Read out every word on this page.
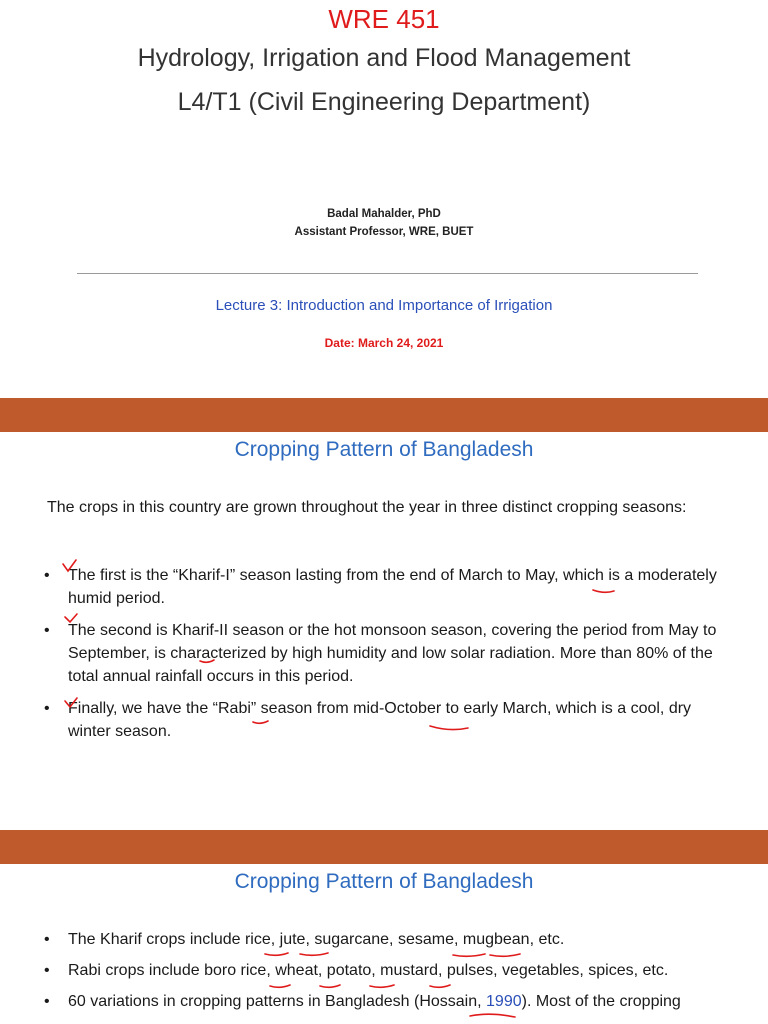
WRE 451
Hydrology, Irrigation and Flood Management
L4/T1 (Civil Engineering Department)
Badal Mahalder, PhD
Assistant Professor, WRE, BUET
Lecture 3: Introduction and Importance of Irrigation
Date: March 24, 2021
Cropping Pattern of Bangladesh
The crops in this country are grown throughout the year in three distinct cropping seasons:
• The first is the “Kharif-I” season lasting from the end of March to May, which is a moderately humid period.
• The second is Kharif-II season or the hot monsoon season, covering the period from May to September, is characterized by high humidity and low solar radiation. More than 80% of the total annual rainfall occurs in this period.
• Finally, we have the “Rabi” season from mid-October to early March, which is a cool, dry winter season.
Cropping Pattern of Bangladesh
• The Kharif crops include rice, jute, sugarcane, sesame, mugbean, etc.
• Rabi crops include boro rice, wheat, potato, mustard, pulses, vegetables, spices, etc.
• 60 variations in cropping patterns in Bangladesh (Hossain, 1990). Most of the cropping
